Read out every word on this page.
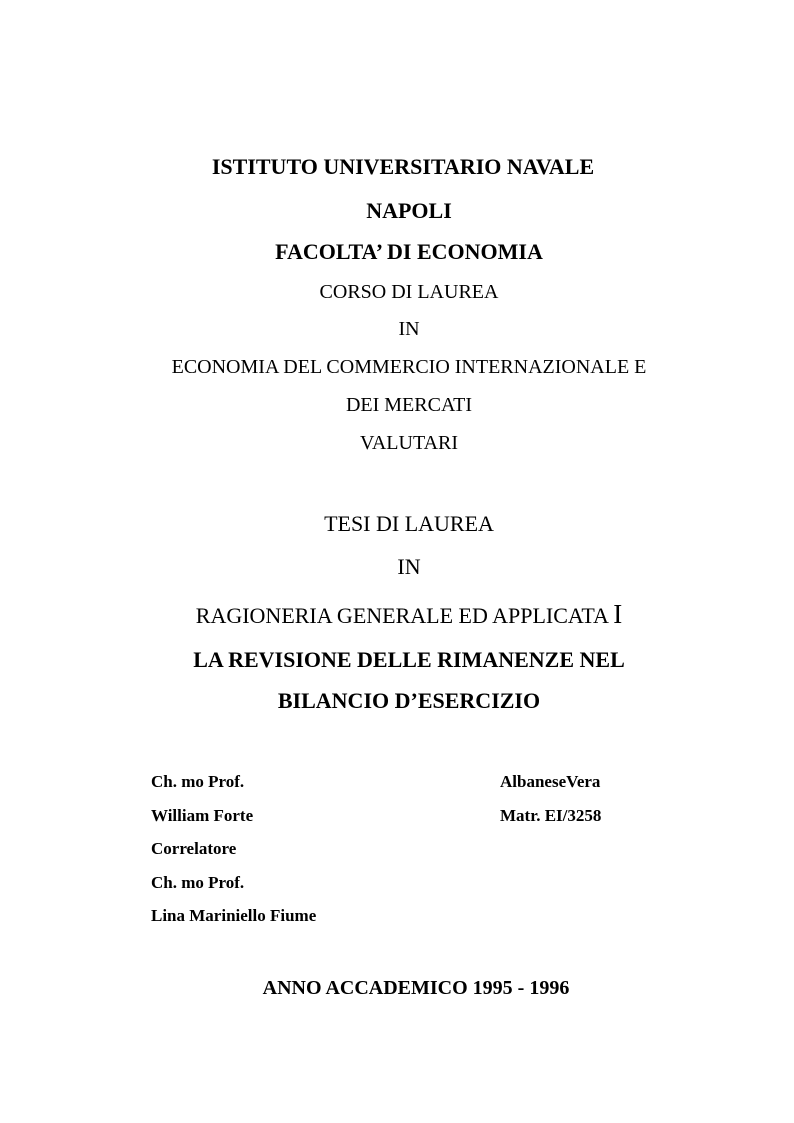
ISTITUTO UNIVERSITARIO NAVALE
NAPOLI
FACOLTA’ DI ECONOMIA
CORSO DI LAUREA
IN
ECONOMIA DEL COMMERCIO INTERNAZIONALE E
DEI MERCATI
VALUTARI
TESI DI LAUREA
IN
RAGIONERIA GENERALE ED APPLICATA I
LA REVISIONE DELLE RIMANENZE NEL
BILANCIO D’ESERCIZIO
Ch. mo Prof.
William Forte
Correlatore
Ch. mo Prof.
Lina Mariniello Fiume
AlbaneseVera
Matr. EI/3258
ANNO ACCADEMICO 1995 - 1996
